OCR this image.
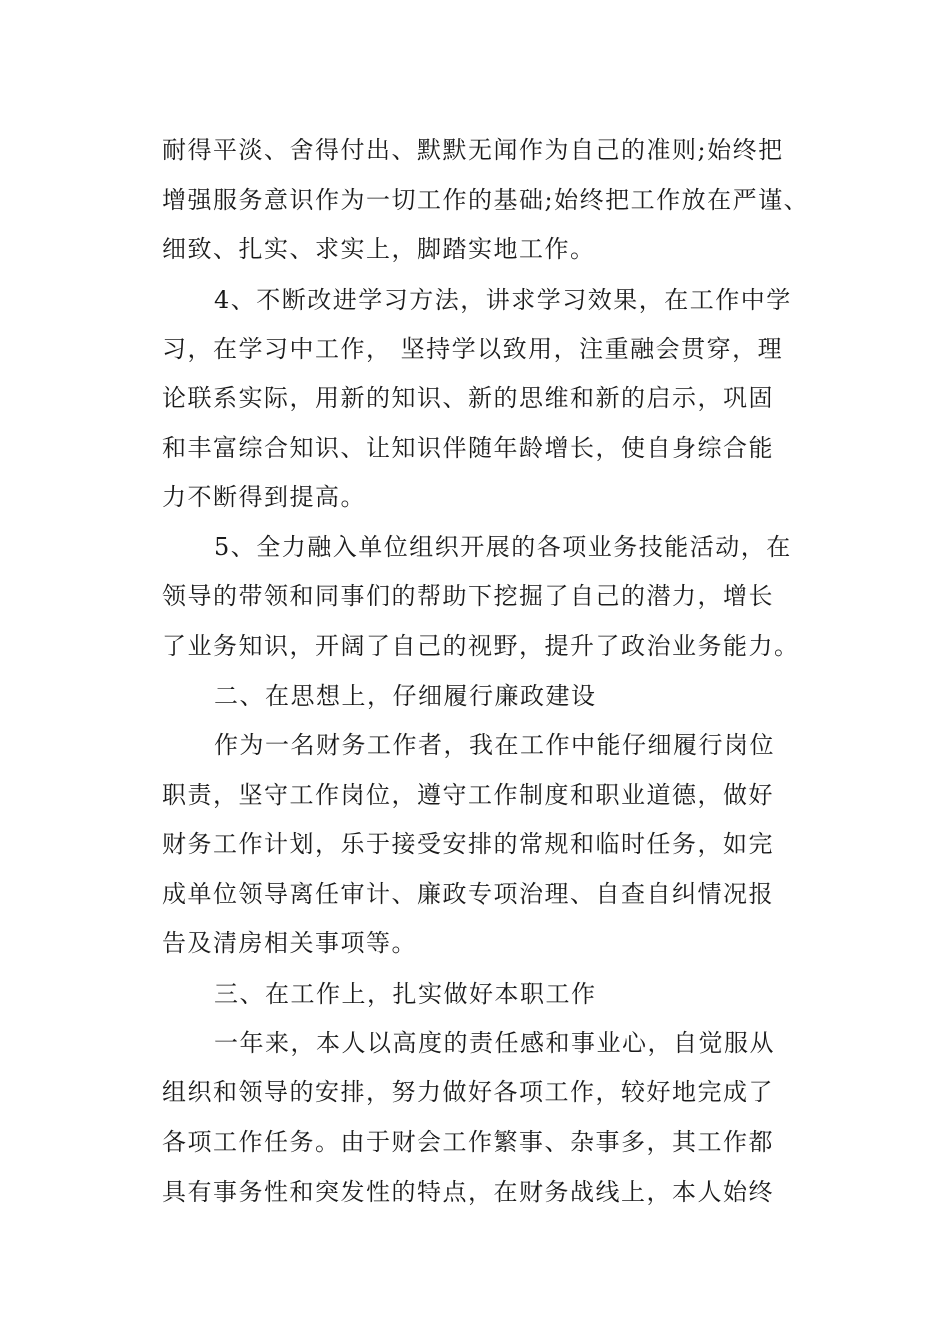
耐得平淡、舍得付出、默默无闻作为自己的准则;始终把
增强服务意识作为一切工作的基础;始终把工作放在严谨、
细致、扎实、求实上，脚踏实地工作。
4、不断改进学习方法，讲求学习效果，在工作中学
习，在学习中工作， 坚持学以致用，注重融会贯穿，理
论联系实际，用新的知识、新的思维和新的启示，巩固
和丰富综合知识、让知识伴随年龄增长，使自身综合能
力不断得到提高。
5、全力融入单位组织开展的各项业务技能活动，在
领导的带领和同事们的帮助下挖掘了自己的潜力，增长
了业务知识，开阔了自己的视野，提升了政治业务能力。
二、在思想上，仔细履行廉政建设
作为一名财务工作者，我在工作中能仔细履行岗位
职责，坚守工作岗位，遵守工作制度和职业道德，做好
财务工作计划，乐于接受安排的常规和临时任务，如完
成单位领导离任审计、廉政专项治理、自查自纠情况报
告及清房相关事项等。
三、在工作上，扎实做好本职工作
一年来，本人以高度的责任感和事业心，自觉服从
组织和领导的安排，努力做好各项工作，较好地完成了
各项工作任务。由于财会工作繁事、杂事多，其工作都
具有事务性和突发性的特点，在财务战线上，本人始终
